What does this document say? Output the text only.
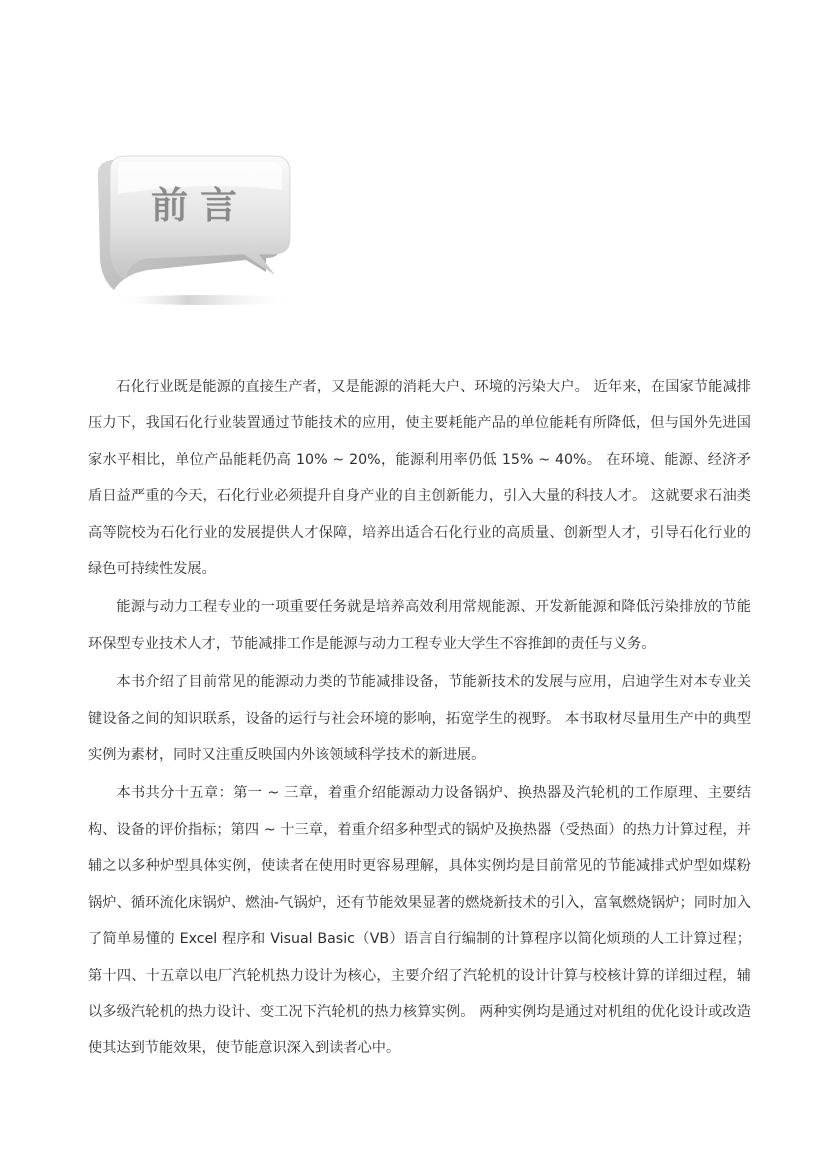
前言

石化行业既是能源的直接生产者，又是能源的消耗大户、环境的污染大户。 近年来，在国家节能减排压力下，我国石化行业装置通过节能技术的应用，使主要耗能产品的单位能耗有所降低，但与国外先进国家水平相比，单位产品能耗仍高 10% ~ 20%，能源利用率仍低 15% ~ 40%。 在环境、能源、经济矛盾日益严重的今天，石化行业必须提升自身产业的自主创新能力，引入大量的科技人才。 这就要求石油类高等院校为石化行业的发展提供人才保障，培养出适合石化行业的高质量、创新型人才，引导石化行业的绿色可持续性发展。

能源与动力工程专业的一项重要任务就是培养高效利用常规能源、开发新能源和降低污染排放的节能环保型专业技术人才，节能减排工作是能源与动力工程专业大学生不容推卸的责任与义务。

本书介绍了目前常见的能源动力类的节能减排设备，节能新技术的发展与应用，启迪学生对本专业关键设备之间的知识联系，设备的运行与社会环境的影响，拓宽学生的视野。 本书取材尽量用生产中的典型实例为素材，同时又注重反映国内外该领域科学技术的新进展。

本书共分十五章：第一 ~ 三章，着重介绍能源动力设备锅炉、换热器及汽轮机的工作原理、主要结构、设备的评价指标；第四 ~ 十三章，着重介绍多种型式的锅炉及换热器（受热面）的热力计算过程，并辅之以多种炉型具体实例，使读者在使用时更容易理解，具体实例均是目前常见的节能减排式炉型如煤粉锅炉、循环流化床锅炉、燃油-气锅炉，还有节能效果显著的燃烧新技术的引入，富氧燃烧锅炉；同时加入了简单易懂的 Excel 程序和 Visual Basic（VB）语言自行编制的计算程序以简化烦琐的人工计算过程；第十四、十五章以电厂汽轮机热力设计为核心，主要介绍了汽轮机的设计计算与校核计算的详细过程，辅以多级汽轮机的热力设计、变工况下汽轮机的热力核算实例。 两种实例均是通过对机组的优化设计或改造使其达到节能效果，使节能意识深入到读者心中。
